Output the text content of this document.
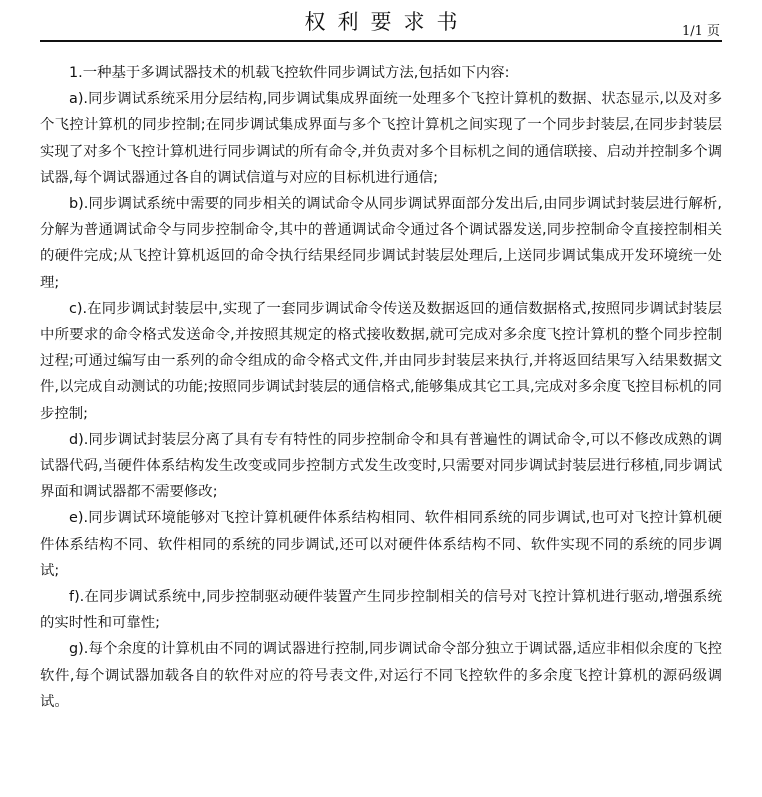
权利要求书	1/1 页

1.一种基于多调试器技术的机载飞控软件同步调试方法,包括如下内容:

a).同步调试系统采用分层结构,同步调试集成界面统一处理多个飞控计算机的数据、状态显示,以及对多个飞控计算机的同步控制;在同步调试集成界面与多个飞控计算机之间实现了一个同步封装层,在同步封装层实现了对多个飞控计算机进行同步调试的所有命令,并负责对多个目标机之间的通信联接、启动并控制多个调试器,每个调试器通过各自的调试信道与对应的目标机进行通信;

b).同步调试系统中需要的同步相关的调试命令从同步调试界面部分发出后,由同步调试封装层进行解析,分解为普通调试命令与同步控制命令,其中的普通调试命令通过各个调试器发送,同步控制命令直接控制相关的硬件完成;从飞控计算机返回的命令执行结果经同步调试封装层处理后,上送同步调试集成开发环境统一处理;

c).在同步调试封装层中,实现了一套同步调试命令传送及数据返回的通信数据格式,按照同步调试封装层中所要求的命令格式发送命令,并按照其规定的格式接收数据,就可完成对多余度飞控计算机的整个同步控制过程;可通过编写由一系列的命令组成的命令格式文件,并由同步封装层来执行,并将返回结果写入结果数据文件,以完成自动测试的功能;按照同步调试封装层的通信格式,能够集成其它工具,完成对多余度飞控目标机的同步控制;

d).同步调试封装层分离了具有专有特性的同步控制命令和具有普遍性的调试命令,可以不修改成熟的调试器代码,当硬件体系结构发生改变或同步控制方式发生改变时,只需要对同步调试封装层进行移植,同步调试界面和调试器都不需要修改;

e).同步调试环境能够对飞控计算机硬件体系结构相同、软件相同系统的同步调试,也可对飞控计算机硬件体系结构不同、软件相同的系统的同步调试,还可以对硬件体系结构不同、软件实现不同的系统的同步调试;

f).在同步调试系统中,同步控制驱动硬件装置产生同步控制相关的信号对飞控计算机进行驱动,增强系统的实时性和可靠性;

g).每个余度的计算机由不同的调试器进行控制,同步调试命令部分独立于调试器,适应非相似余度的飞控软件,每个调试器加载各自的软件对应的符号表文件,对运行不同飞控软件的多余度飞控计算机的源码级调试。
